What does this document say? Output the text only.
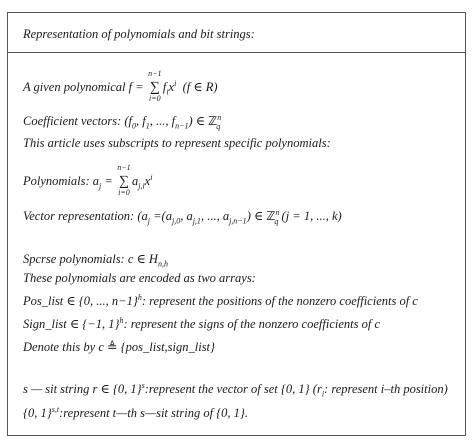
Representation of polynomials and bit strings:
A given polynomical f =
n−1
∑
i=0
$f_ix^i$  (f ∈ R)
Coefficient vectors: ($f_0$, $f_1$, ..., $f_{n-1}$) ∈ ℤ$^n_q$
This article uses subscripts to represent specific polynomials:
Polynomials: $a_j$ =
n−1
∑
i=0
$a_{j,i}x^i$
Vector representation: ($a_j =(a_{j,0}$, $a_{j,1}$, ..., $a_{j,n-1}$) ∈ ℤ$^n_q$ (j = 1, ..., k)
Spcrse polynomials: c ∈ $H_{n,h}$
These polynomials are encoded as two arrays:
Pos_list ∈ {0, ..., n−1}$^h$: represent the positions of the nonzero coefficients of c
Sign_list ∈ {−1, 1}$^h$: represent the signs of the nonzero coefficients of c
Denote this by c ≜ {pos_list,sign_list}
s — sit string r ∈ {0, 1}$^s$:represent the vector of set {0, 1} ($r_i$: represent i–th position)
{0, 1}$^{s,t}$:represent t—th s—sit string of {0, 1}.
